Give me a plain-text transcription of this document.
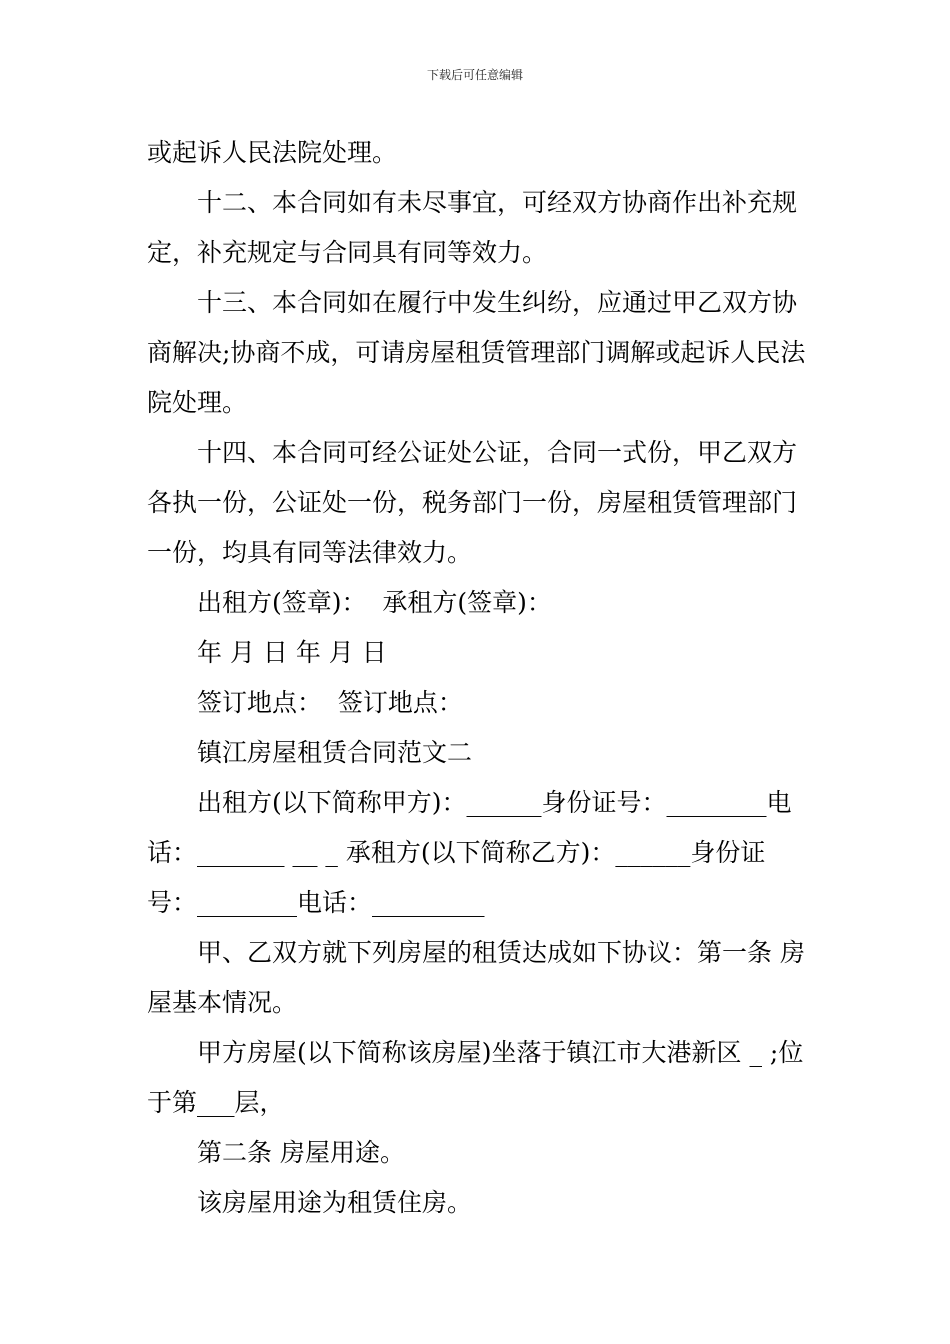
下载后可任意编辑

或起诉人民法院处理。

十二、本合同如有未尽事宜，可经双方协商作出补充规定，补充规定与合同具有同等效力。

十三、本合同如在履行中发生纠纷，应通过甲乙双方协商解决;协商不成，可请房屋租赁管理部门调解或起诉人民法院处理。

十四、本合同可经公证处公证，合同一式份，甲乙双方各执一份，公证处一份，税务部门一份，房屋租赁管理部门一份，均具有同等法律效力。

出租方(签章)：  承租方(签章)：

年 月 日 年 月 日

签订地点：  签订地点：

镇江房屋租赁合同范文二

出租方(以下简称甲方)：______身份证号：________电话：_______ __ _ 承租方(以下简称乙方)：______身份证号：________电话：_________

甲、乙双方就下列房屋的租赁达成如下协议：第一条 房屋基本情况。

甲方房屋(以下简称该房屋)坐落于镇江市大港新区 _ ;位于第___层，

第二条 房屋用途。

该房屋用途为租赁住房。
